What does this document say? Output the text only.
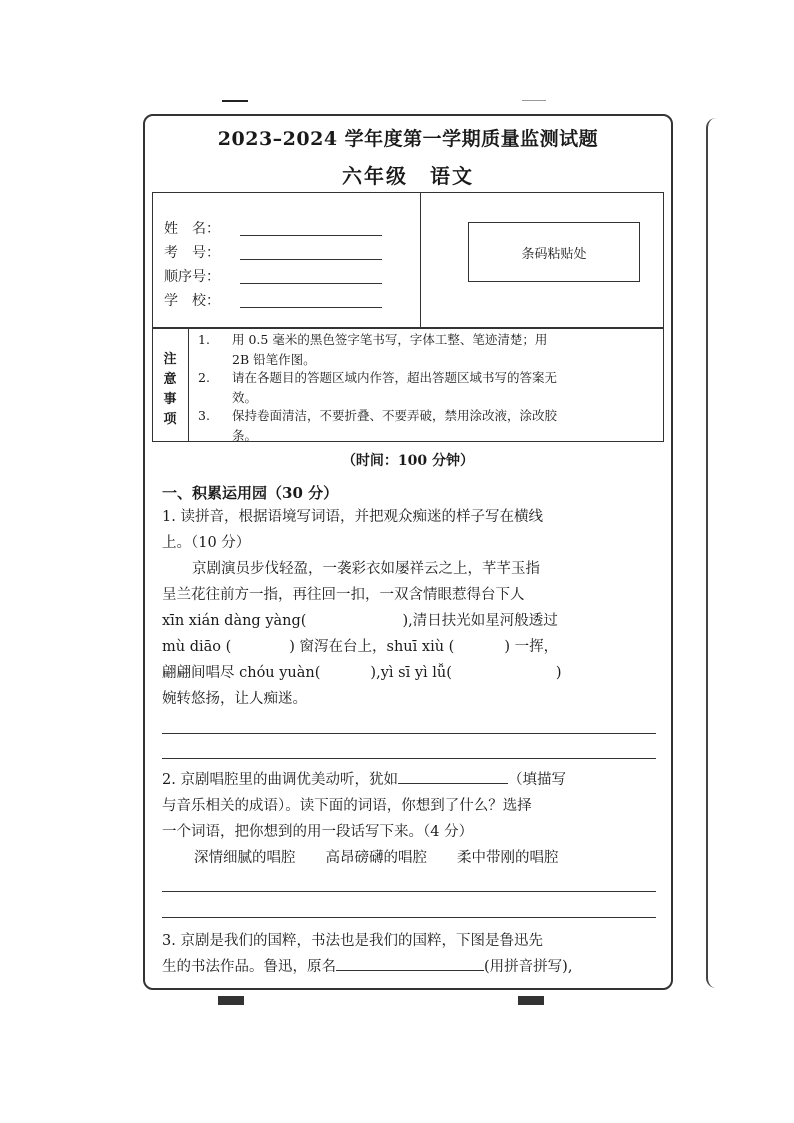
2023–2024 学年度第一学期质量监测试题
六年级　语文
姓　名：
考　号：
顺序号：
学　校：
条码粘贴处
注
意
事
项
1. 用 0.5 毫米的黑色签字笔书写，字体工整、笔迹清楚；用
2B 铅笔作图。
2. 请在各题目的答题区域内作答，超出答题区域书写的答案无
效。
3. 保持卷面清洁，不要折叠、不要弄破，禁用涂改液，涂改胶
条。
（时间：100 分钟）
一、积累运用园（30 分）
1. 读拼音，根据语境写词语，并把观众痴迷的样子写在横线
上。（10 分）
京剧演员步伐轻盈，一袭彩衣如屡祥云之上，芊芊玉指
呈兰花往前方一指，再往回一扣，一双含情眼惹得台下人
xīn xián dàng yàng(	),清日扶光如星河般透过
mù diāo (	) 窗泻在台上，shuī xiù (	) 一挥，
翩翩间唱尽 chóu yuàn(	),yì sī yì lǚ(	)
婉转悠扬，让人痴迷。
2. 京剧唱腔里的曲调优美动听，犹如	（填描写
与音乐相关的成语）。读下面的词语，你想到了什么？选择
一个词语，把你想到的用一段话写下来。（4 分）
深情细腻的唱腔 高昂磅礴的唱腔 柔中带刚的唱腔
3. 京剧是我们的国粹，书法也是我们的国粹，下图是鲁迅先
生的书法作品。鲁迅，原名	(用拼音拼写),
